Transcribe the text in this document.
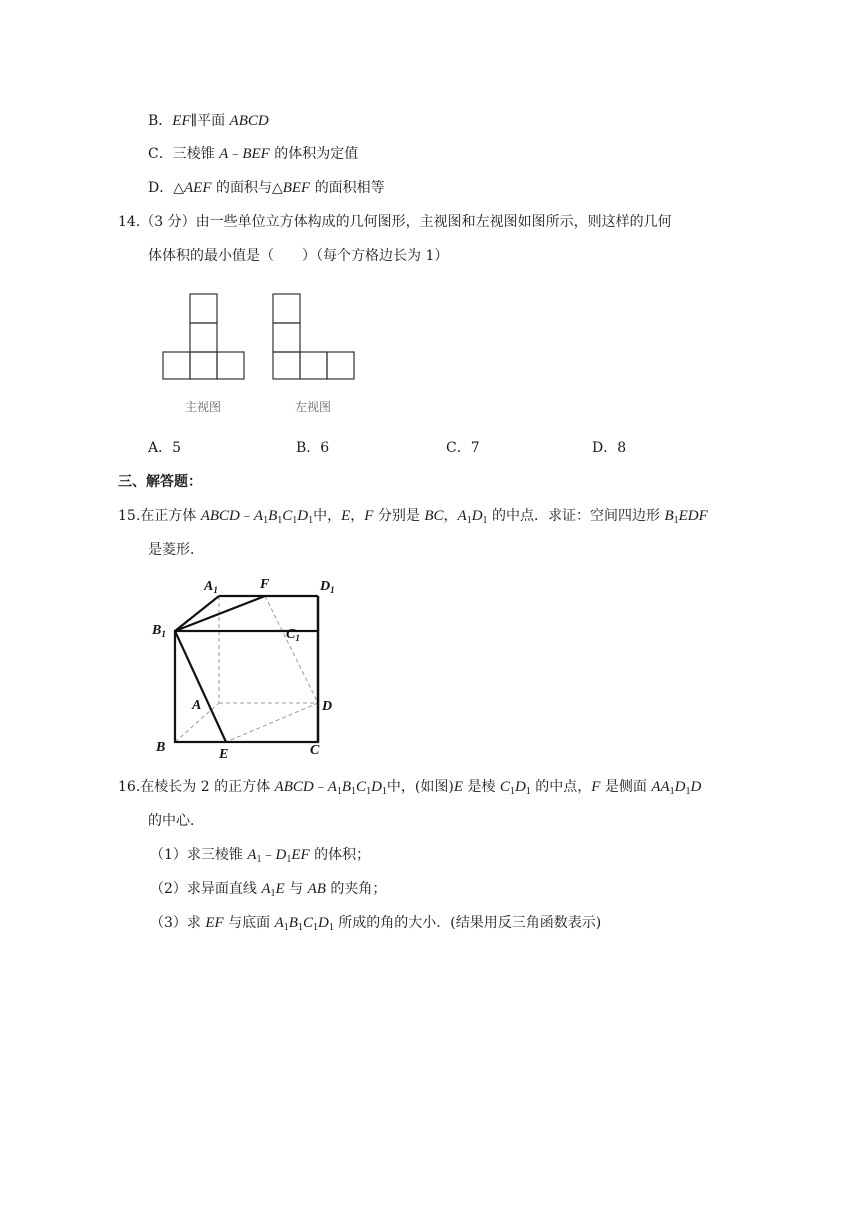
B．EF∥平面 ABCD
C．三棱锥 A﹣BEF 的体积为定值
D．△AEF 的面积与△BEF 的面积相等
14.（3 分）由一些单位立方体构成的几何图形，主视图和左视图如图所示，则这样的几何
体体积的最小值是（　　）（每个方格边长为 1）
主视图	左视图
A．5	B．6	C．7	D．8
三、解答题：
15.在正方体 $ABCD﹣A_1B_1C_1D_1$中，E，F 分别是 BC，$A_1D_1$ 的中点．求证：空间四边形 $B_1EDF$
是菱形．
$A_1$	F	$D_1$
$B_1$	$C_1$
A	D
B	E	C
16.在棱长为 2 的正方体 $ABCD﹣A_1B_1C_1D_1$中，(如图)E 是棱 $C_1D_1$ 的中点，F 是侧面 $AA_1D_1D$
的中心．
（1）求三棱锥 $A_1﹣D_1EF$ 的体积；
（2）求异面直线 $A_1E$ 与 AB 的夹角；
（3）求 EF 与底面 $A_1B_1C_1D_1$ 所成的角的大小．(结果用反三角函数表示)
